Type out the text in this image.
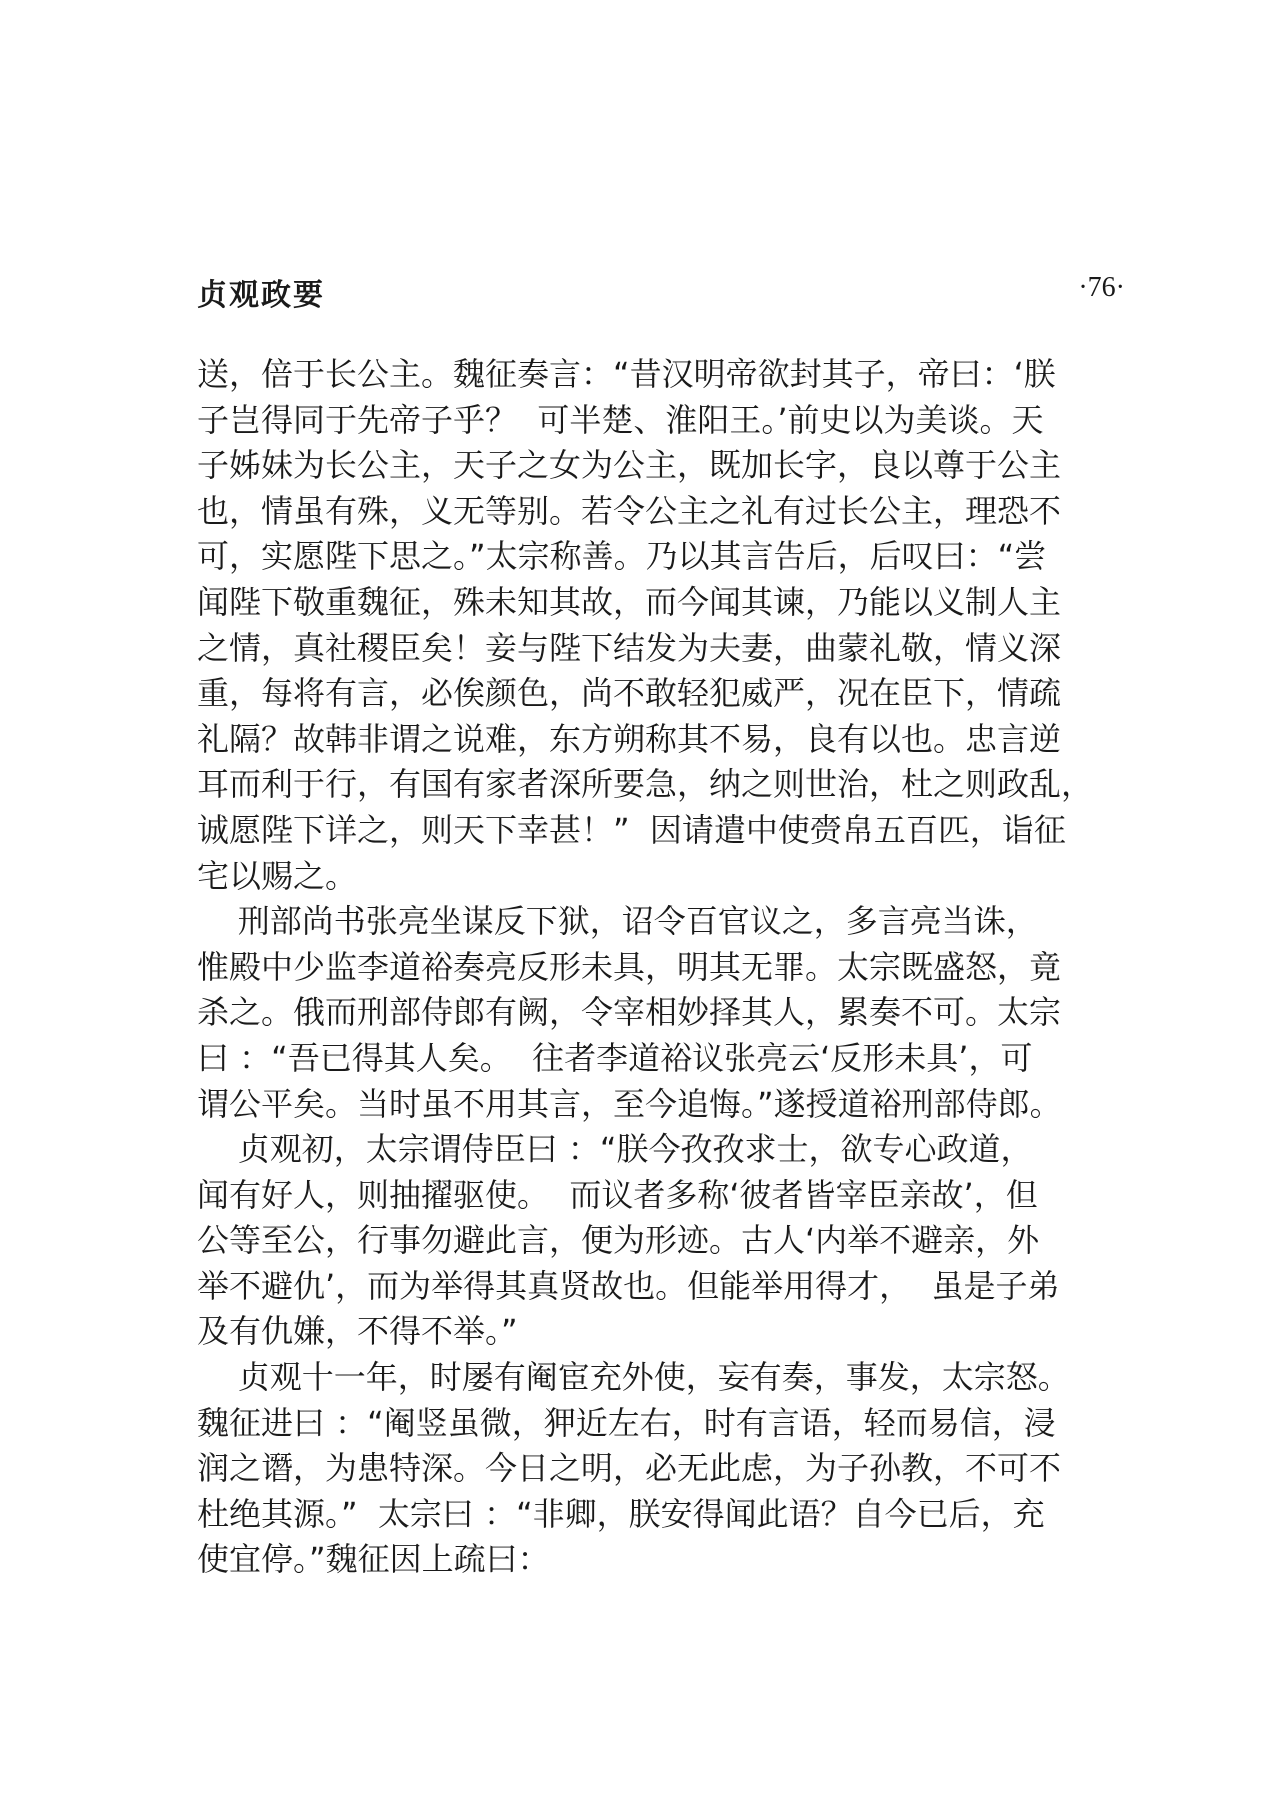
贞观政要	·76·
送，倍于长公主。魏征奏言：“昔汉明帝欲封其子，帝曰：‘朕
子岂得同于先帝子乎？  可半楚、淮阳王。’前史以为美谈。天
子姊妹为长公主，天子之女为公主，既加长字，良以尊于公主
也，情虽有殊，义无等别。若令公主之礼有过长公主，理恐不
可，实愿陛下思之。”太宗称善。乃以其言告后，后叹曰：“尝
闻陛下敬重魏征，殊未知其故，而今闻其谏，乃能以义制人主
之情，真社稷臣矣！妾与陛下结发为夫妻，曲蒙礼敬，情义深
重，每将有言，必俟颜色，尚不敢轻犯威严，况在臣下，情疏
礼隔？故韩非谓之说难，东方朔称其不易，良有以也。忠言逆
耳而利于行，有国有家者深所要急，纳之则世治，杜之则政乱，
诚愿陛下详之，则天下幸甚！”  因请遣中使赍帛五百匹，诣征
宅以赐之。
刑部尚书张亮坐谋反下狱，诏令百官议之，多言亮当诛，
惟殿中少监李道裕奏亮反形未具，明其无罪。太宗既盛怒，竟
杀之。俄而刑部侍郎有阙，令宰相妙择其人，累奏不可。太宗
曰 ：“吾已得其人矣。  往者李道裕议张亮云‘反形未具’，可
谓公平矣。当时虽不用其言，至今追悔。”遂授道裕刑部侍郎。
贞观初，太宗谓侍臣曰 ：“朕今孜孜求士，欲专心政道，
闻有好人，则抽擢驱使。  而议者多称‘彼者皆宰臣亲故’，但
公等至公，行事勿避此言，便为形迹。古人‘内举不避亲，外
举不避仇’，而为举得其真贤故也。但能举用得才，  虽是子弟
及有仇嫌，不得不举。”
贞观十一年，时屡有阉宦充外使，妄有奏，事发，太宗怒。
魏征进曰 ：“阉竖虽微，狎近左右，时有言语，轻而易信，浸
润之谮，为患特深。今日之明，必无此虑，为子孙教，不可不
杜绝其源。”  太宗曰 ：“非卿，朕安得闻此语？自今已后，充
使宜停。”魏征因上疏曰：
